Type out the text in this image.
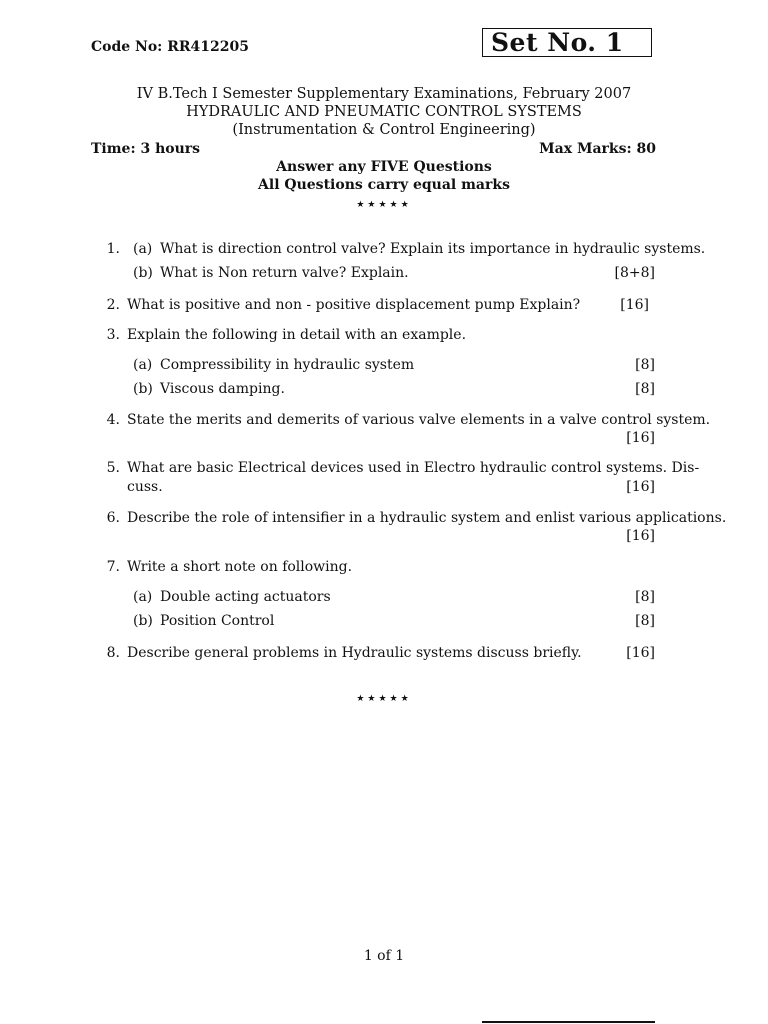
Code No: RR412205	Set No. 1
IV B.Tech I Semester Supplementary Examinations, February 2007
HYDRAULIC AND PNEUMATIC CONTROL SYSTEMS
(Instrumentation & Control Engineering)
Time: 3 hours	Max Marks: 80
Answer any FIVE Questions
All Questions carry equal marks
★★★★★
1. (a) What is direction control valve? Explain its importance in hydraulic systems.
(b) What is Non return valve? Explain.	[8+8]
2. What is positive and non - positive displacement pump Explain?	[16]
3. Explain the following in detail with an example.
(a) Compressibility in hydraulic system	[8]
(b) Viscous damping.	[8]
4. State the merits and demerits of various valve elements in a valve control system.
[16]
5. What are basic Electrical devices used in Electro hydraulic control systems. Dis-
cuss.	[16]
6. Describe the role of intensifier in a hydraulic system and enlist various applications.
[16]
7. Write a short note on following.
(a) Double acting actuators	[8]
(b) Position Control	[8]
8. Describe general problems in Hydraulic systems discuss briefly.	[16]
★★★★★
1 of 1
